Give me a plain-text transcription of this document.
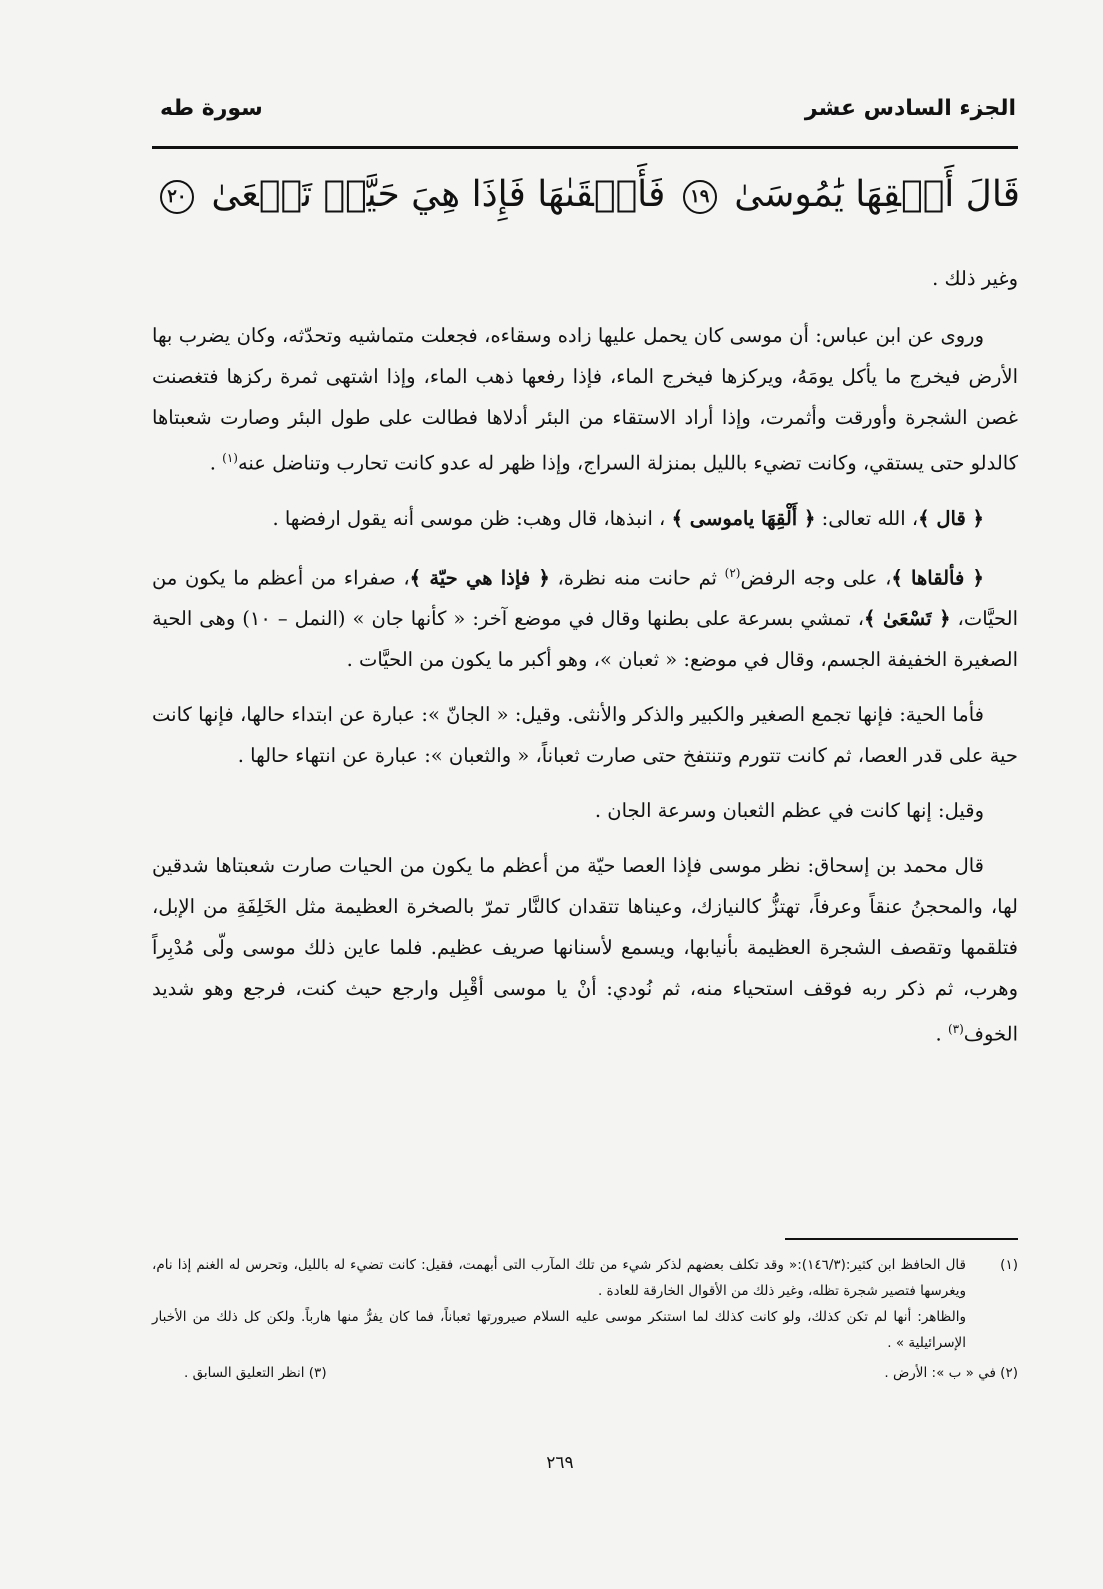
الجزء السادس عشر
سورة طه
قَالَ أَلۡقِهَا يَٰمُوسَىٰ ١٩ فَأَلۡقَىٰهَا فَإِذَا هِيَ حَيَّةٞ تَسۡعَىٰ ٢٠

وغير ذلك .

وروى عن ابن عباس: أن موسى كان يحمل عليها زاده وسقاءه، فجعلت متماشيه وتحدّثه، وكان يضرب بها الأرض فيخرج ما يأكل يومَهُ، ويركزها فيخرج الماء، فإذا رفعها ذهب الماء، وإذا اشتهى ثمرة ركزها فتغصنت غصن الشجرة وأورقت وأثمرت، وإذا أراد الاستقاء من البئر أدلاها فطالت على طول البئر وصارت شعبتاها كالدلو حتى يستقي، وكانت تضيء بالليل بمنزلة السراج، وإذا ظهر له عدو كانت تحارب وتناضل عنه$^{(١)}$ .

﴿ قال ﴾، الله تعالى: ﴿ أَلْقِهَا ياموسى ﴾ ، انبذها، قال وهب: ظن موسى أنه يقول ارفضها .

﴿ فألقاها ﴾، على وجه الرفض$^{(٢)}$ ثم حانت منه نظرة، ﴿ فإذا هي حيّة ﴾، صفراء من أعظم ما يكون من الحيَّات، ﴿ تَسْعَىٰ ﴾، تمشي بسرعة على بطنها وقال في موضع آخر: « كأنها جان » (النمل – ١٠) وهى الحية الصغيرة الخفيفة الجسم، وقال في موضع: « ثعبان »، وهو أكبر ما يكون من الحيَّات .

فأما الحية: فإنها تجمع الصغير والكبير والذكر والأنثى. وقيل: « الجانّ »: عبارة عن ابتداء حالها، فإنها كانت حية على قدر العصا، ثم كانت تتورم وتنتفخ حتى صارت ثعباناً، « والثعبان »: عبارة عن انتهاء حالها .

وقيل: إنها كانت في عظم الثعبان وسرعة الجان .

قال محمد بن إسحاق: نظر موسى فإذا العصا حيّة من أعظم ما يكون من الحيات صارت شعبتاها شدقين لها، والمحجنُ عنقاً وعرفاً، تهتزُّ كالنيازك، وعيناها تتقدان كالنَّار تمرّ بالصخرة العظيمة مثل الخَلِفَةِ من الإبل، فتلقمها وتقصف الشجرة العظيمة بأنيابها، ويسمع لأسنانها صريف عظيم. فلما عاين ذلك موسى ولّى مُدْبِراً وهرب، ثم ذكر ربه فوقف استحياء منه، ثم نُودي: أنْ يا موسى أقْبِل وارجع حيث كنت، فرجع وهو شديد الخوف$^{(٣)}$ .

(١)
قال الحافظ ابن كثير:(١٤٦/٣):« وقد تكلف بعضهم لذكر شيء من تلك المآرب التى أبهمت، فقيل: كانت تضيء له بالليل، وتحرس له الغنم إذا نام، ويغرسها فتصير شجرة تظله، وغير ذلك من الأقوال الخارقة للعادة .
والظاهر: أنها لم تكن كذلك، ولو كانت كذلك لما استنكر موسى عليه السلام صيرورتها ثعباناً، فما كان يفرُّ منها هارباً. ولكن كل ذلك من الأخبار الإسرائيلية » .
(٢) في « ب »: الأرض .
(٣) انظر التعليق السابق .
٢٦٩
